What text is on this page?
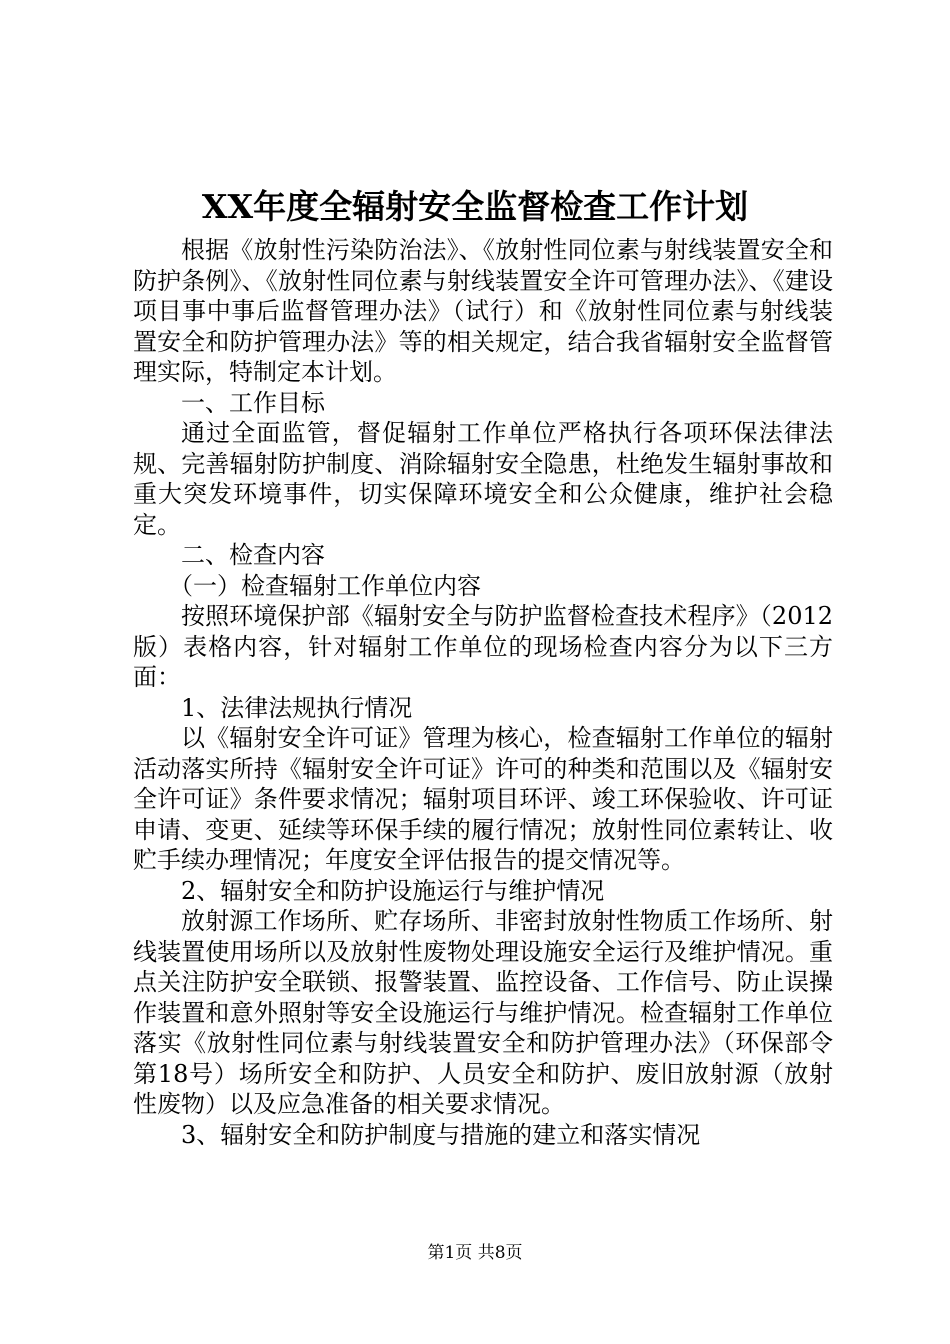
XX年度全辐射安全监督检查工作计划

根据《放射性污染防治法》、《放射性同位素与射线装置安全和防护条例》、《放射性同位素与射线装置安全许可管理办法》、《建设项目事中事后监督管理办法》（试行）和《放射性同位素与射线装置安全和防护管理办法》等的相关规定，结合我省辐射安全监督管理实际，特制定本计划。

一、工作目标

通过全面监管，督促辐射工作单位严格执行各项环保法律法规、完善辐射防护制度、消除辐射安全隐患，杜绝发生辐射事故和重大突发环境事件，切实保障环境安全和公众健康，维护社会稳定。

二、检查内容

（一）检查辐射工作单位内容

按照环境保护部《辐射安全与防护监督检查技术程序》（2012版）表格内容，针对辐射工作单位的现场检查内容分为以下三方面：

1、法律法规执行情况

以《辐射安全许可证》管理为核心，检查辐射工作单位的辐射活动落实所持《辐射安全许可证》许可的种类和范围以及《辐射安全许可证》条件要求情况；辐射项目环评、竣工环保验收、许可证申请、变更、延续等环保手续的履行情况；放射性同位素转让、收贮手续办理情况；年度安全评估报告的提交情况等。

2、辐射安全和防护设施运行与维护情况

放射源工作场所、贮存场所、非密封放射性物质工作场所、射线装置使用场所以及放射性废物处理设施安全运行及维护情况。重点关注防护安全联锁、报警装置、监控设备、工作信号、防止误操作装置和意外照射等安全设施运行与维护情况。检查辐射工作单位落实《放射性同位素与射线装置安全和防护管理办法》（环保部令第18号）场所安全和防护、人员安全和防护、废旧放射源（放射性废物）以及应急准备的相关要求情况。

3、辐射安全和防护制度与措施的建立和落实情况

第1页 共8页
